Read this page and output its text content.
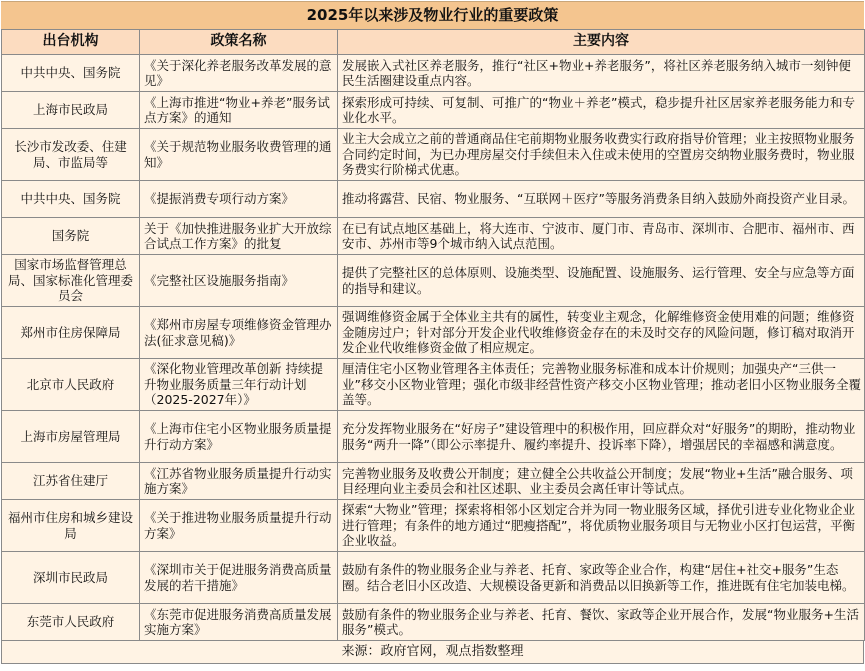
2025年以来涉及物业行业的重要政策
出台机构	政策名称	主要内容
中共中央、国务院	《关于深化养老服务改革发展的意见》	发展嵌入式社区养老服务，推行“社区+物业+养老服务”，将社区养老服务纳入城市一刻钟便民生活圈建设重点内容。
上海市民政局	《上海市推进“物业+养老”服务试点方案》的通知	探索形成可持续、可复制、可推广的“物业＋养老”模式，稳步提升社区居家养老服务能力和专业化水平。
长沙市发改委、住建局、市监局等	《关于规范物业服务收费管理的通知》	业主大会成立之前的普通商品住宅前期物业服务收费实行政府指导价管理；业主按照物业服务合同约定时间，为已办理房屋交付手续但未入住或未使用的空置房交纳物业服务费时，物业服务费实行阶梯式优惠。
中共中央、国务院	《提振消费专项行动方案》	推动将露营、民宿、物业服务、“互联网＋医疗”等服务消费条目纳入鼓励外商投资产业目录。
国务院	关于《加快推进服务业扩大开放综合试点工作方案》的批复	在已有试点地区基础上，将大连市、宁波市、厦门市、青岛市、深圳市、合肥市、福州市、西安市、苏州市等9个城市纳入试点范围。
国家市场监督管理总局、国家标准化管理委员会	《完整社区设施服务指南》	提供了完整社区的总体原则、设施类型、设施配置、设施服务、运行管理、安全与应急等方面的指导和建议。
郑州市住房保障局	《郑州市房屋专项维修资金管理办法(征求意见稿)》	强调维修资金属于全体业主共有的属性，转变业主观念，化解维修资金使用难的问题；维修资金随房过户；针对部分开发企业代收维修资金存在的未及时交存的风险问题，修订稿对取消开发企业代收维修资金做了相应规定。
北京市人民政府	《深化物业管理改革创新 持续提升物业服务质量三年行动计划（2025-2027年）》	厘清住宅小区物业管理各主体责任；完善物业服务标准和成本计价规则；加强央产“三供一业”移交小区物业管理；强化市级非经营性资产移交小区物业管理；推动老旧小区物业服务全覆盖等。
上海市房屋管理局	《上海市住宅小区物业服务质量提升行动方案》	充分发挥物业服务在“好房子”建设管理中的积极作用，回应群众对“好服务”的期盼，推动物业服务“两升一降”（即公示率提升、履约率提升、投诉率下降），增强居民的幸福感和满意度。
江苏省住建厅	《江苏省物业服务质量提升行动实施方案》	完善物业服务及收费公开制度；建立健全公共收益公开制度；发展“物业+生活”融合服务、项目经理向业主委员会和社区述职、业主委员会离任审计等试点。
福州市住房和城乡建设局	《关于推进物业服务质量提升行动方案》	探索“大物业”管理；探索将相邻小区划定合并为同一物业服务区域，择优引进专业化物业企业进行管理；有条件的地方通过“肥瘦搭配”，将优质物业服务项目与无物业小区打包运营，平衡企业收益。
深圳市民政局	《深圳市关于促进服务消费高质量发展的若干措施》	鼓励有条件的物业服务企业与养老、托育、家政等企业合作，构建“居住+社交+服务”生态圈。结合老旧小区改造、大规模设备更新和消费品以旧换新等工作，推进既有住宅加装电梯。
东莞市人民政府	《东莞市促进服务消费高质量发展实施方案》	鼓励有条件的物业服务企业与养老、托育、餐饮、家政等企业开展合作，发展“物业服务+生活服务”模式。
来源：政府官网，观点指数整理
